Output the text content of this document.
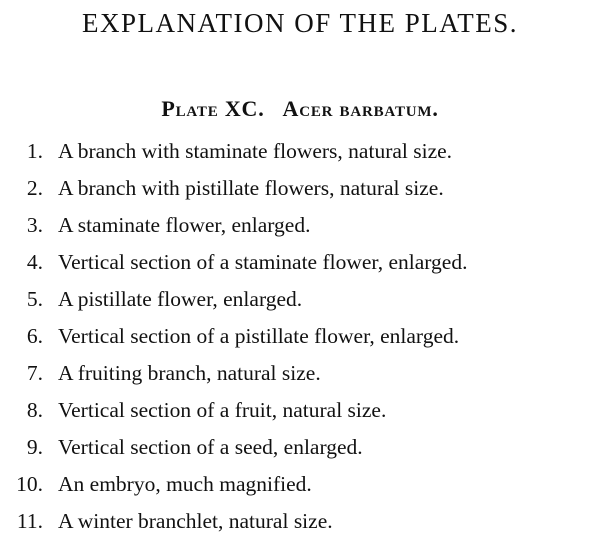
EXPLANATION OF THE PLATES.
Plate XC. Acer barbatum.
1. A branch with staminate flowers, natural size.
2. A branch with pistillate flowers, natural size.
3. A staminate flower, enlarged.
4. Vertical section of a staminate flower, enlarged.
5. A pistillate flower, enlarged.
6. Vertical section of a pistillate flower, enlarged.
7. A fruiting branch, natural size.
8. Vertical section of a fruit, natural size.
9. Vertical section of a seed, enlarged.
10. An embryo, much magnified.
11. A winter branchlet, natural size.
